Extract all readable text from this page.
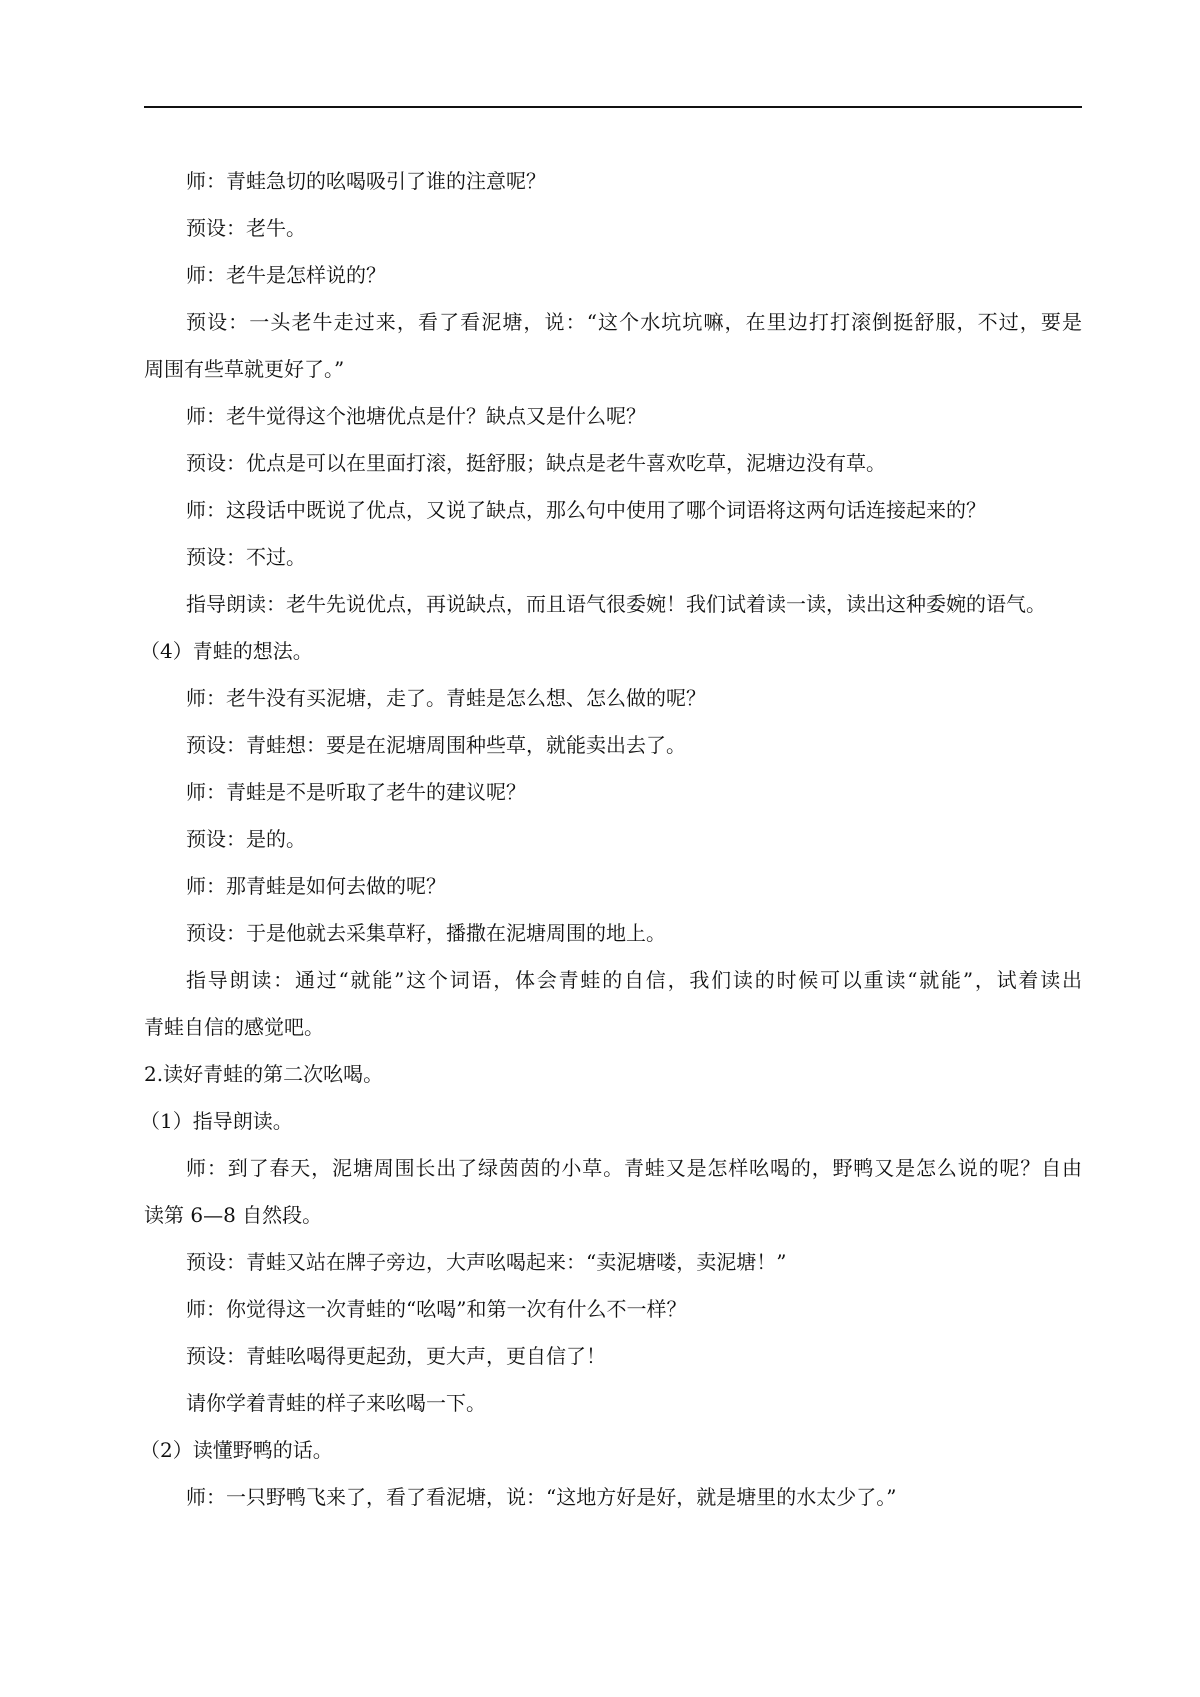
师：青蛙急切的吆喝吸引了谁的注意呢？
预设：老牛。
师：老牛是怎样说的？
预设：一头老牛走过来，看了看泥塘，说：“这个水坑坑嘛，在里边打打滚倒挺舒服，不过，要是
周围有些草就更好了。”
师：老牛觉得这个池塘优点是什？缺点又是什么呢？
预设：优点是可以在里面打滚，挺舒服；缺点是老牛喜欢吃草，泥塘边没有草。
师：这段话中既说了优点，又说了缺点，那么句中使用了哪个词语将这两句话连接起来的？
预设：不过。
指导朗读：老牛先说优点，再说缺点，而且语气很委婉！我们试着读一读，读出这种委婉的语气。
（4）青蛙的想法。
师：老牛没有买泥塘，走了。青蛙是怎么想、怎么做的呢？
预设：青蛙想：要是在泥塘周围种些草，就能卖出去了。
师：青蛙是不是听取了老牛的建议呢？
预设：是的。
师：那青蛙是如何去做的呢？
预设：于是他就去采集草籽，播撒在泥塘周围的地上。
指导朗读：通过“就能”这个词语，体会青蛙的自信，我们读的时候可以重读“就能”，试着读出
青蛙自信的感觉吧。
2.读好青蛙的第二次吆喝。
（1）指导朗读。
师：到了春天，泥塘周围长出了绿茵茵的小草。青蛙又是怎样吆喝的，野鸭又是怎么说的呢？自由
读第 6—8 自然段。
预设：青蛙又站在牌子旁边，大声吆喝起来：“卖泥塘喽，卖泥塘！”
师：你觉得这一次青蛙的“吆喝”和第一次有什么不一样？
预设：青蛙吆喝得更起劲，更大声，更自信了！
请你学着青蛙的样子来吆喝一下。
（2）读懂野鸭的话。
师：一只野鸭飞来了，看了看泥塘，说：“这地方好是好，就是塘里的水太少了。”
